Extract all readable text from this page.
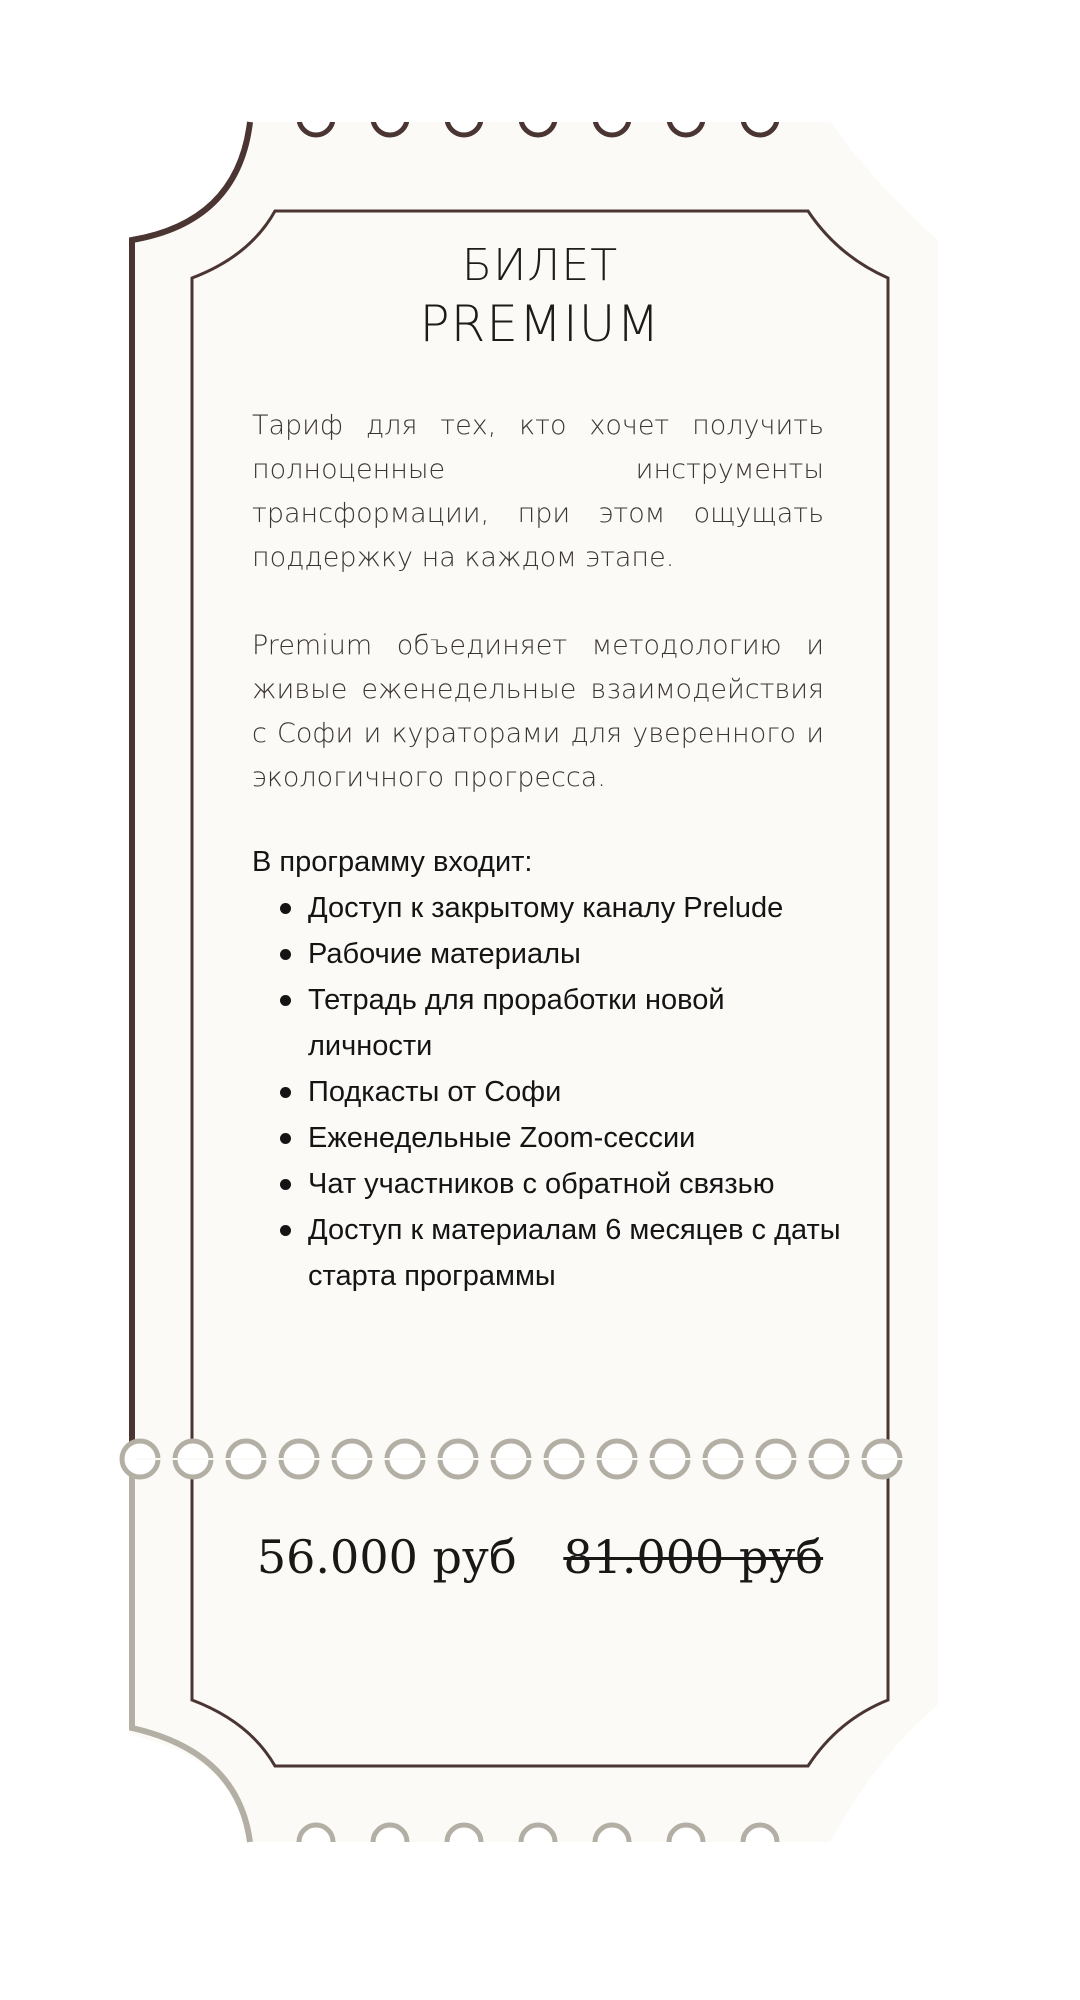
БИЛЕТ
PREMIUM

Тариф для тех, кто хочет получить полноценные инструменты трансформации, при этом ощущать поддержку на каждом этапе.

Premium объединяет методологию и живые еженедельные взаимодействия с Софи и кураторами для уверенного и экологичного прогресса.

В программу входит:

Доступ к закрытому каналу Prelude
Рабочие материалы
Тетрадь для проработки новой личности
Подкасты от Софи
Еженедельные Zoom-сессии
Чат участников с обратной связью
Доступ к материалам 6 месяцев с даты старта программы
56.000 руб 81.000 руб
